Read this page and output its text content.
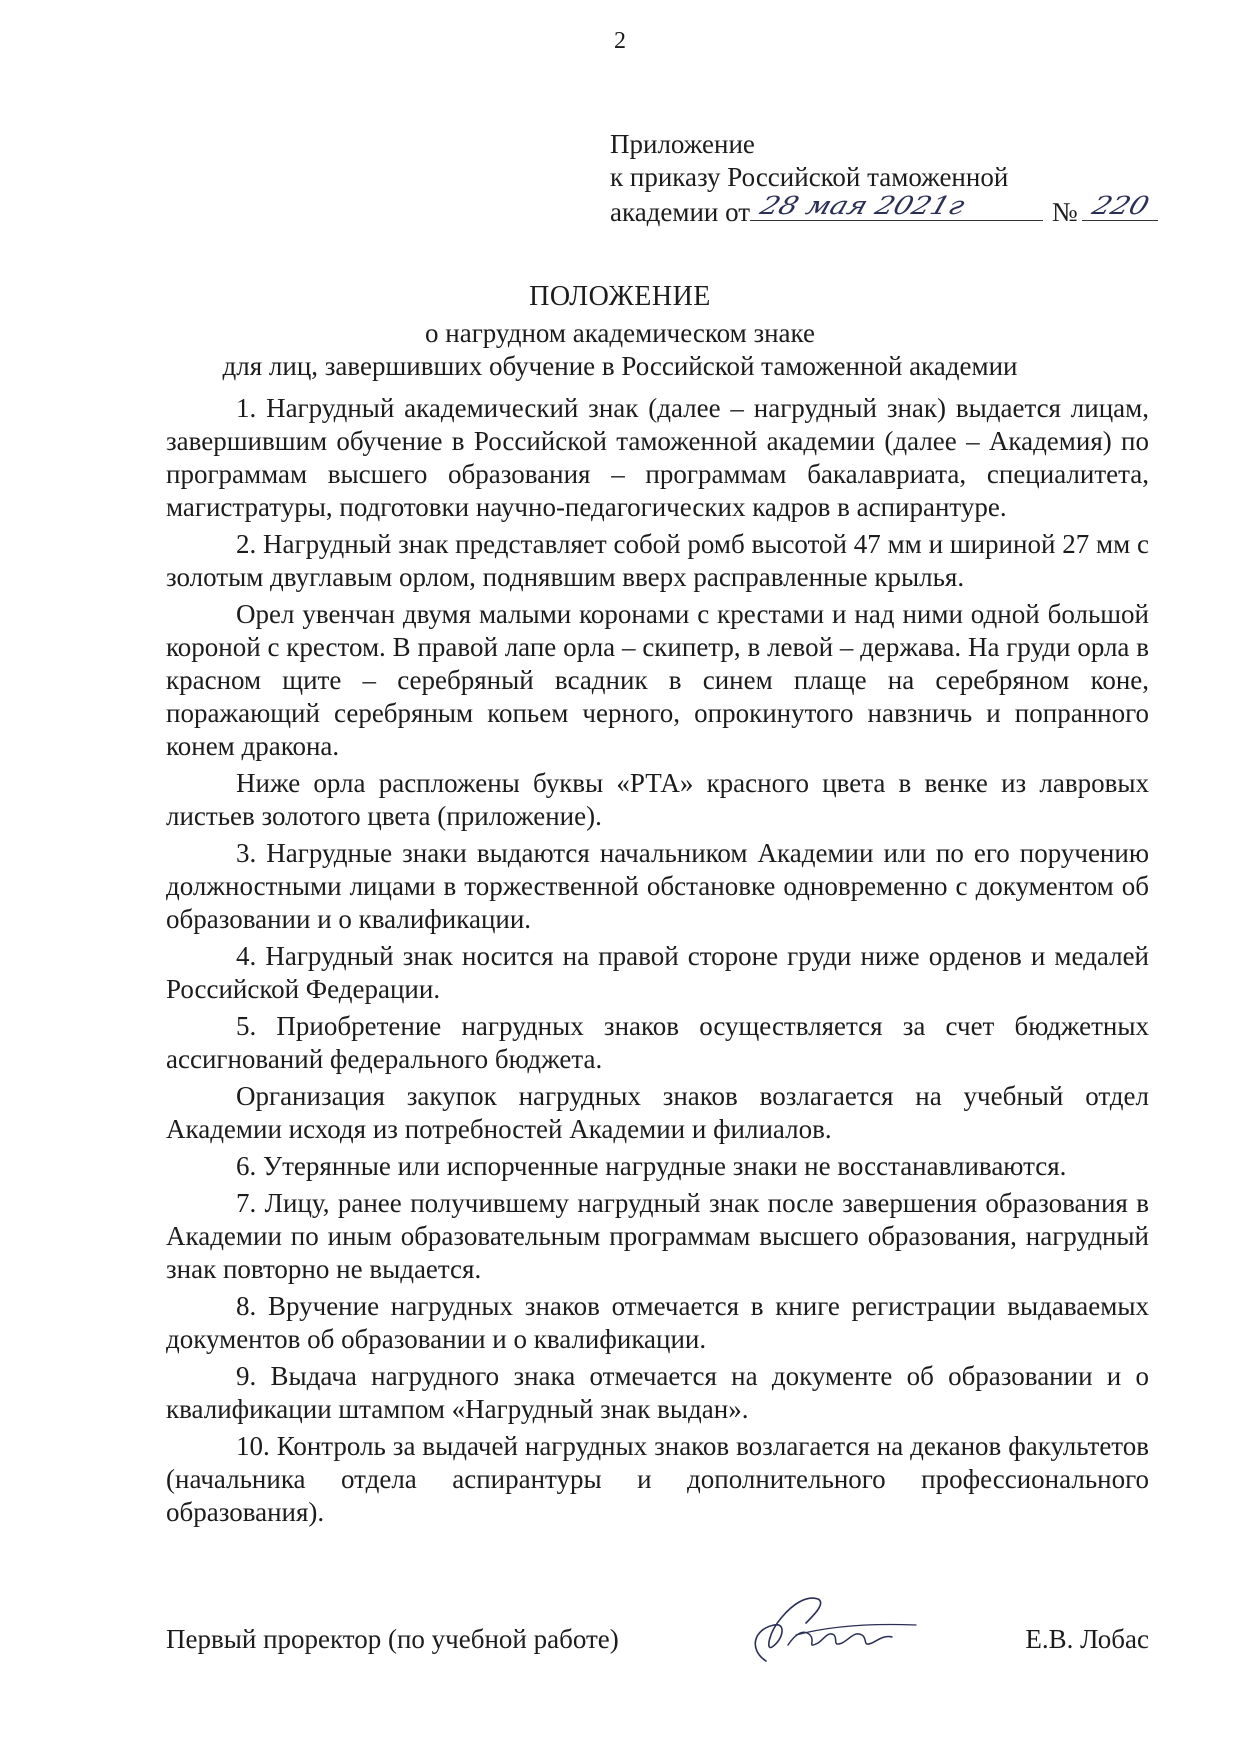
2
Приложение
к приказу Российской таможенной
академии от 28 мая 2021г	№ 220
ПОЛОЖЕНИЕ
о нагрудном академическом знаке
для лиц, завершивших обучение в Российской таможенной академии

1. Нагрудный академический знак (далее – нагрудный знак) выдается лицам, завершившим обучение в Российской таможенной академии (далее – Академия) по программам высшего образования – программам бакалавриата, специалитета, магистратуры, подготовки научно-педагогических кадров в аспирантуре.

2. Нагрудный знак представляет собой ромб высотой 47 мм и шириной 27 мм с золотым двуглавым орлом, поднявшим вверх расправленные крылья.

Орел увенчан двумя малыми коронами с крестами и над ними одной большой короной с крестом. В правой лапе орла – скипетр, в левой – держава. На груди орла в красном щите – серебряный всадник в синем плаще на серебряном коне, поражающий серебряным копьем черного, опрокинутого навзничь и попранного конем дракона.

Ниже орла распложены буквы «РТА» красного цвета в венке из лавровых листьев золотого цвета (приложение).

3. Нагрудные знаки выдаются начальником Академии или по его поручению должностными лицами в торжественной обстановке одновременно с документом об образовании и о квалификации.

4. Нагрудный знак носится на правой стороне груди ниже орденов и медалей Российской Федерации.

5. Приобретение нагрудных знаков осуществляется за счет бюджетных ассигнований федерального бюджета.

Организация закупок нагрудных знаков возлагается на учебный отдел Академии исходя из потребностей Академии и филиалов.

6. Утерянные или испорченные нагрудные знаки не восстанавливаются.

7. Лицу, ранее получившему нагрудный знак после завершения образования в Академии по иным образовательным программам высшего образования, нагрудный знак повторно не выдается.

8. Вручение нагрудных знаков отмечается в книге регистрации выдаваемых документов об образовании и о квалификации.

9. Выдача нагрудного знака отмечается на документе об образовании и о квалификации штампом «Нагрудный знак выдан».

10. Контроль за выдачей нагрудных знаков возлагается на деканов факультетов (начальника отдела аспирантуры и дополнительного профессионального образования).

Первый проректор (по учебной работе)	Е.В. Лобас
